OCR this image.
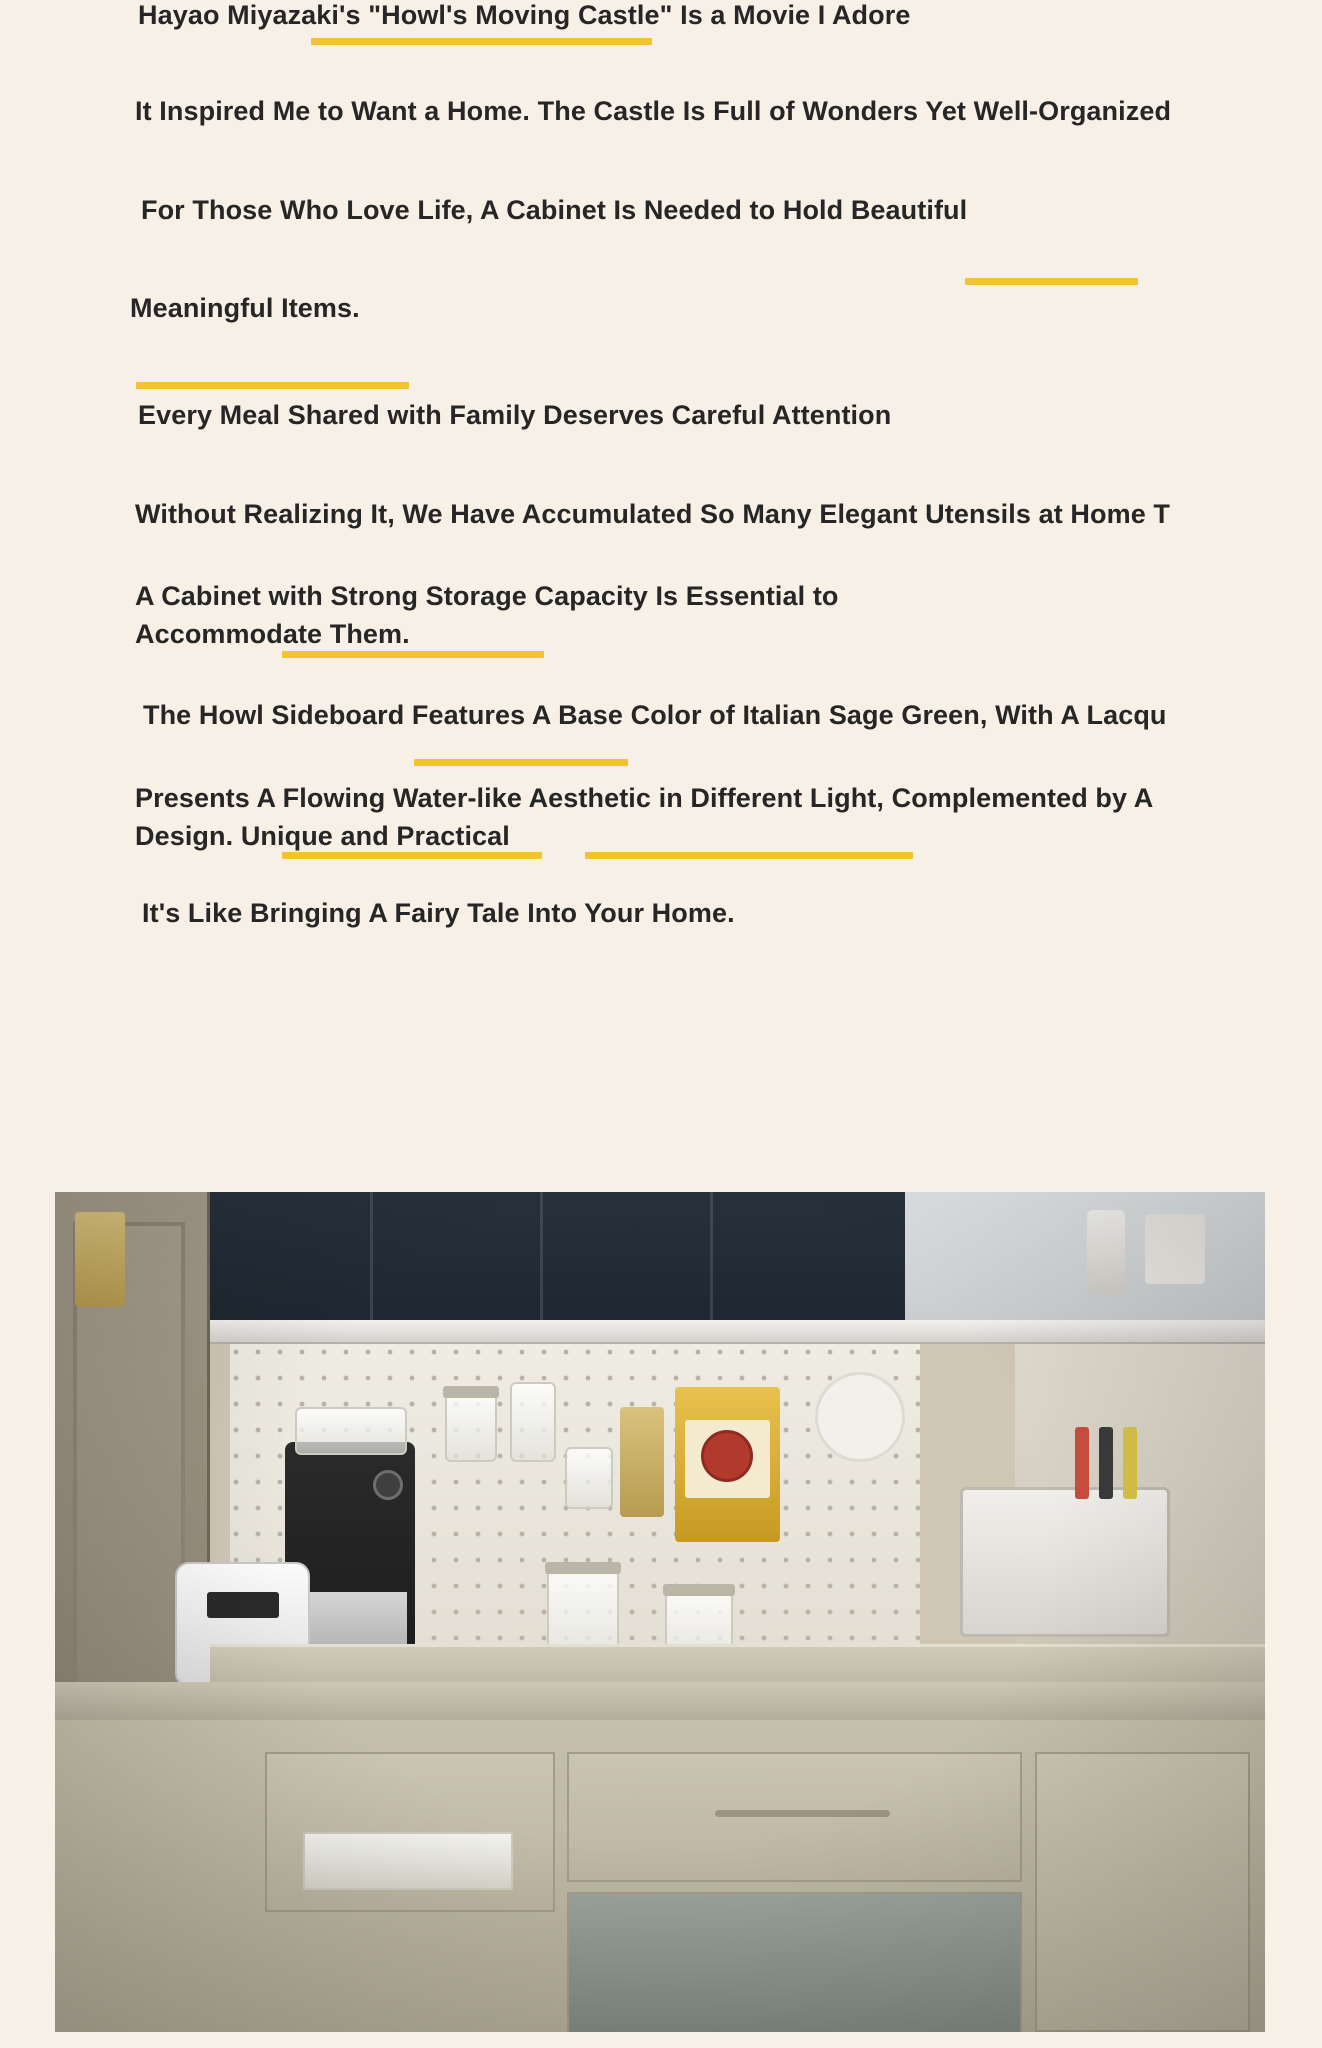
Hayao Miyazaki's "Howl's Moving Castle" Is a Movie I Adore
It Inspired Me to Want a Home. The Castle Is Full of Wonders Yet Well-Organized
For Those Who Love Life, A Cabinet Is Needed to Hold Beautiful
Meaningful Items.
Every Meal Shared with Family Deserves Careful Attention
Without Realizing It, We Have Accumulated So Many Elegant Utensils at Home T
A Cabinet with Strong Storage Capacity Is Essential to
Accommodate Them.
The Howl Sideboard Features A Base Color of Italian Sage Green, With A Lacqu
Presents A Flowing Water-like Aesthetic in Different Light, Complemented by A
Design. Unique and Practical
It's Like Bringing A Fairy Tale Into Your Home.
